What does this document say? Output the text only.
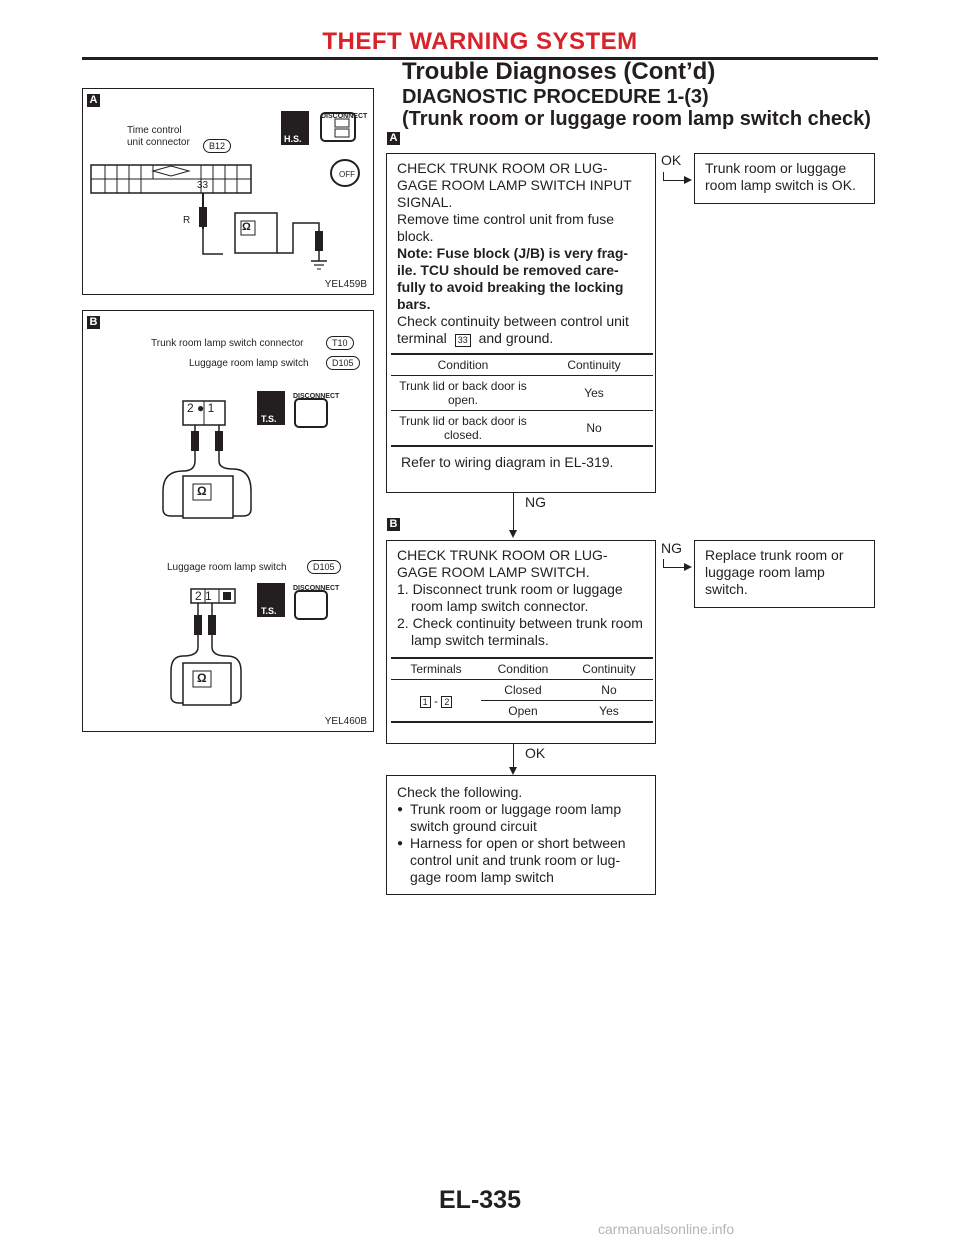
THEFT WARNING SYSTEM
Trouble Diagnoses (Cont’d)
DIAGNOSTIC PROCEDURE 1-(3)
(Trunk room or luggage room lamp switch check)
A
Time control
unit connector	B12
DISCONNECT
H.S.
OFF
33
R
Ω
YEL459B
B
Trunk room lamp switch connector	T10
Luggage room lamp switch	D105
Luggage room lamp switch	D105
2 ● 1
2 1
DISCONNECT
T.S.
Ω
DISCONNECT
T.S.
Ω
YEL460B
A

CHECK TRUNK ROOM OR LUG-GAGE ROOM LAMP SWITCH INPUT SIGNAL.

Remove time control unit from fuse block.

Note: Fuse block (J/B) is very frag-ile. TCU should be removed care-fully to avoid breaking the locking bars.

Check continuity between control unit terminal 33 and ground.

Condition	Continuity
Trunk lid or back door is open.	Yes
Trunk lid or back door is closed.	No
Refer to wiring diagram in EL-319.
OK	Trunk room or luggage room lamp switch is OK.
NG
B

CHECK TRUNK ROOM OR LUG-GAGE ROOM LAMP SWITCH.

1. Disconnect trunk room or luggage room lamp switch connector.

2. Check continuity between trunk room lamp switch terminals.

Terminals	Condition	Continuity
1 - 2	Closed	No
	Open	Yes
NG	Replace trunk room or luggage room lamp switch.
OK

Check the following.

● Trunk room or luggage room lamp switch ground circuit
● Harness for open or short between control unit and trunk room or lug-gage room lamp switch
EL-335
carmanualsonline.info
